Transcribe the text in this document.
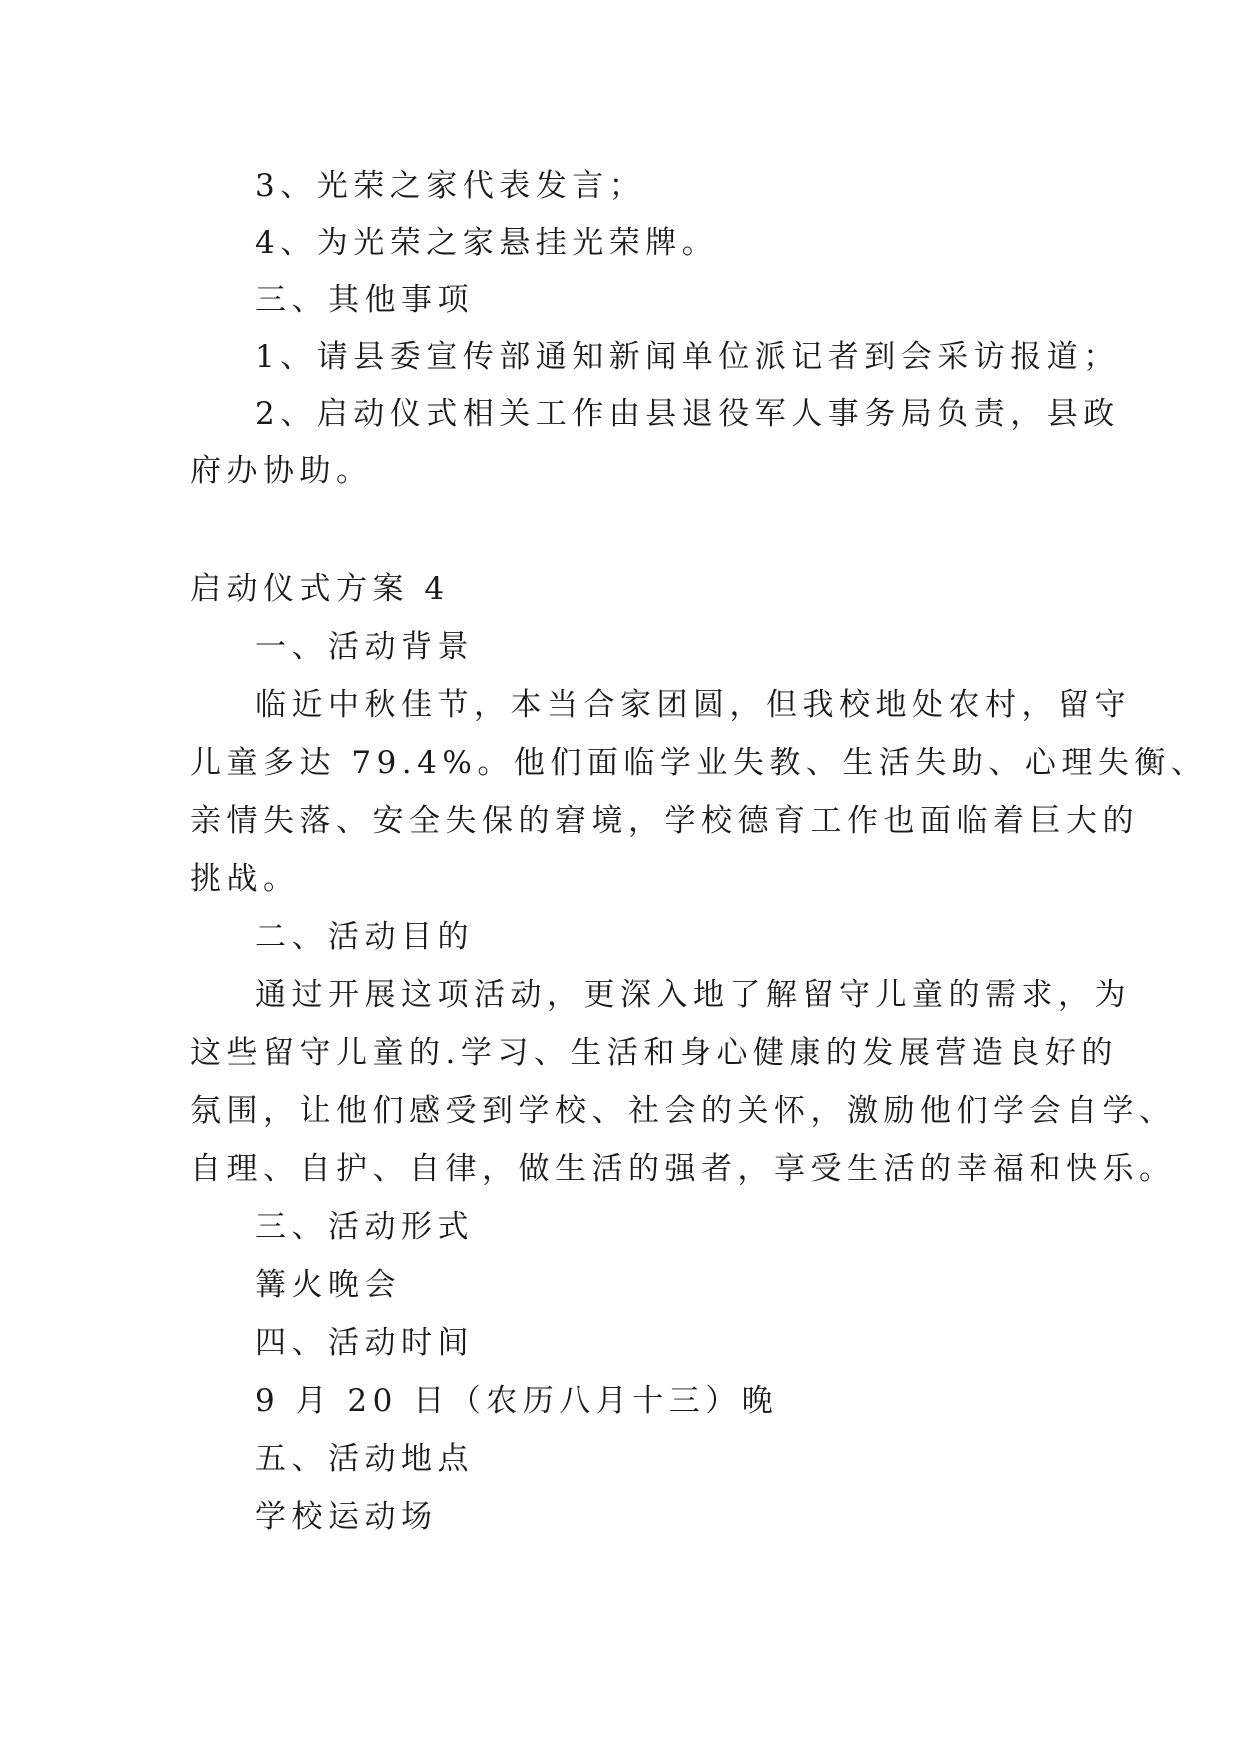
3、光荣之家代表发言；
4、为光荣之家悬挂光荣牌。
三、其他事项
1、请县委宣传部通知新闻单位派记者到会采访报道；
2、启动仪式相关工作由县退役军人事务局负责，县政
府办协助。
启动仪式方案 4
一、活动背景
临近中秋佳节，本当合家团圆，但我校地处农村，留守
儿童多达 79.4%。他们面临学业失教、生活失助、心理失衡、
亲情失落、安全失保的窘境，学校德育工作也面临着巨大的
挑战。
二、活动目的
通过开展这项活动，更深入地了解留守儿童的需求，为
这些留守儿童的.学习、生活和身心健康的发展营造良好的
氛围，让他们感受到学校、社会的关怀，激励他们学会自学、
自理、自护、自律，做生活的强者，享受生活的幸福和快乐。
三、活动形式
篝火晚会
四、活动时间
9 月 20 日（农历八月十三）晚
五、活动地点
学校运动场
